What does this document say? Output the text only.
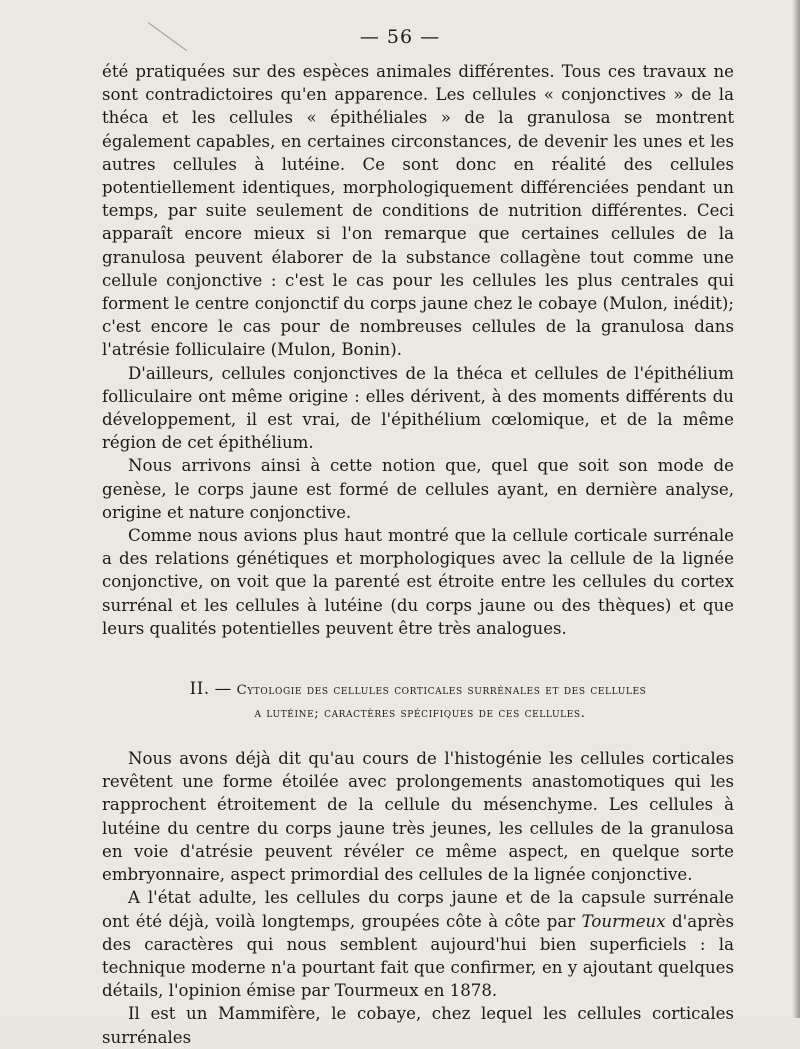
— 56 —

été pratiquées sur des espèces animales différentes. Tous ces travaux ne sont contradictoires qu'en apparence. Les cellules « conjonctives » de la théca et les cellules « épithéliales » de la granulosa se montrent également capables, en certaines circonstances, de devenir les unes et les autres cellules à lutéine. Ce sont donc en réalité des cellules potentiellement identiques, morphologiquement différenciées pendant un temps, par suite seulement de conditions de nutrition différentes. Ceci apparaît encore mieux si l'on remarque que certaines cellules de la granulosa peuvent élaborer de la substance collagène tout comme une cellule conjonctive : c'est le cas pour les cellules les plus centrales qui forment le centre conjonctif du corps jaune chez le cobaye (Mulon, inédit); c'est encore le cas pour de nombreuses cellules de la granulosa dans l'atrésie folliculaire (Mulon, Bonin).

D'ailleurs, cellules conjonctives de la théca et cellules de l'épithélium folliculaire ont même origine : elles dérivent, à des moments différents du développement, il est vrai, de l'épithélium cœlomique, et de la même région de cet épithélium.

Nous arrivons ainsi à cette notion que, quel que soit son mode de genèse, le corps jaune est formé de cellules ayant, en dernière analyse, origine et nature conjonctive.

Comme nous avions plus haut montré que la cellule corticale surrénale a des relations génétiques et morphologiques avec la cellule de la lignée conjonctive, on voit que la parenté est étroite entre les cellules du cortex surrénal et les cellules à lutéine (du corps jaune ou des thèques) et que leurs qualités potentielles peuvent être très analogues.

II. — Cytologie des cellules corticales surrénales et des cellules
a lutéine; caractères spécifiques de ces cellules.

Nous avons déjà dit qu'au cours de l'histogénie les cellules corticales revêtent une forme étoilée avec prolongements anastomotiques qui les rapprochent étroitement de la cellule du mésenchyme. Les cellules à lutéine du centre du corps jaune très jeunes, les cellules de la granulosa en voie d'atrésie peuvent révéler ce même aspect, en quelque sorte embryonnaire, aspect primordial des cellules de la lignée conjonctive.

A l'état adulte, les cellules du corps jaune et de la capsule surrénale ont été déjà, voilà longtemps, groupées côte à côte par Tourmeux d'après des caractères qui nous semblent aujourd'hui bien superficiels : la technique moderne n'a pourtant fait que confirmer, en y ajoutant quelques détails, l'opinion émise par Tourmeux en 1878.

Il est un Mammifère, le cobaye, chez lequel les cellules corticales surrénales
